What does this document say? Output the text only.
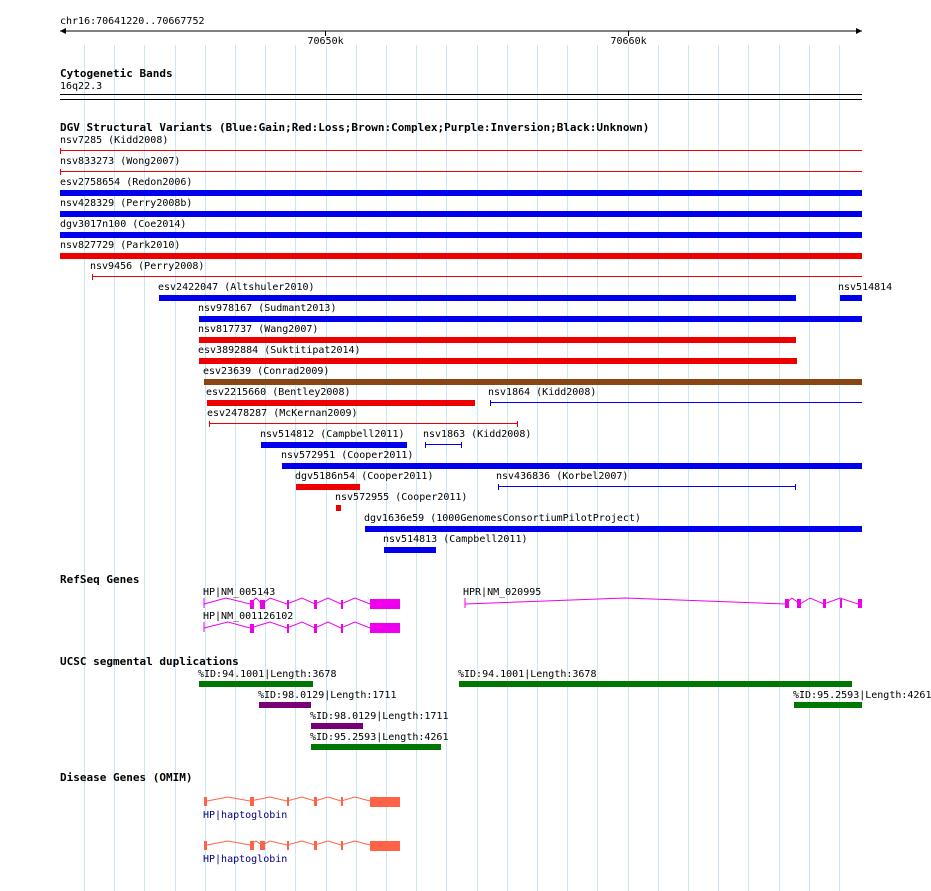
chr16:70641220..70667752
70650k	70660k
Cytogenetic Bands
16q22.3
DGV Structural Variants (Blue:Gain;Red:Loss;Brown:Complex;Purple:Inversion;Black:Unknown)
nsv7285 (Kidd2008)
nsv833273 (Wong2007)
esv2758654 (Redon2006)
nsv428329 (Perry2008b)
dgv3017n100 (Coe2014)
nsv827729 (Park2010)
nsv9456 (Perry2008)
esv2422047 (Altshuler2010)	nsv514814
nsv978167 (Sudmant2013)
nsv817737 (Wang2007)
esv3892884 (Suktitipat2014)
esv23639 (Conrad2009)
esv2215660 (Bentley2008)	nsv1864 (Kidd2008)
esv2478287 (McKernan2009)
nsv514812 (Campbell2011) nsv1863 (Kidd2008)
nsv572951 (Cooper2011)
dgv5186n54 (Cooper2011)	nsv436836 (Korbel2007)
nsv572955 (Cooper2011)
dgv1636e59 (1000GenomesConsortiumPilotProject)
nsv514813 (Campbell2011)
RefSeq Genes
HP|NM_005143
HP|NM_001126102
HPR|NM_020995
UCSC segmental duplications
%ID:94.1001|Length:3678	%ID:94.1001|Length:3678
%ID:98.0129|Length:1711	%ID:95.2593|Length:4261
%ID:98.0129|Length:1711
%ID:95.2593|Length:4261
Disease Genes (OMIM)
HP|haptoglobin
HP|haptoglobin
